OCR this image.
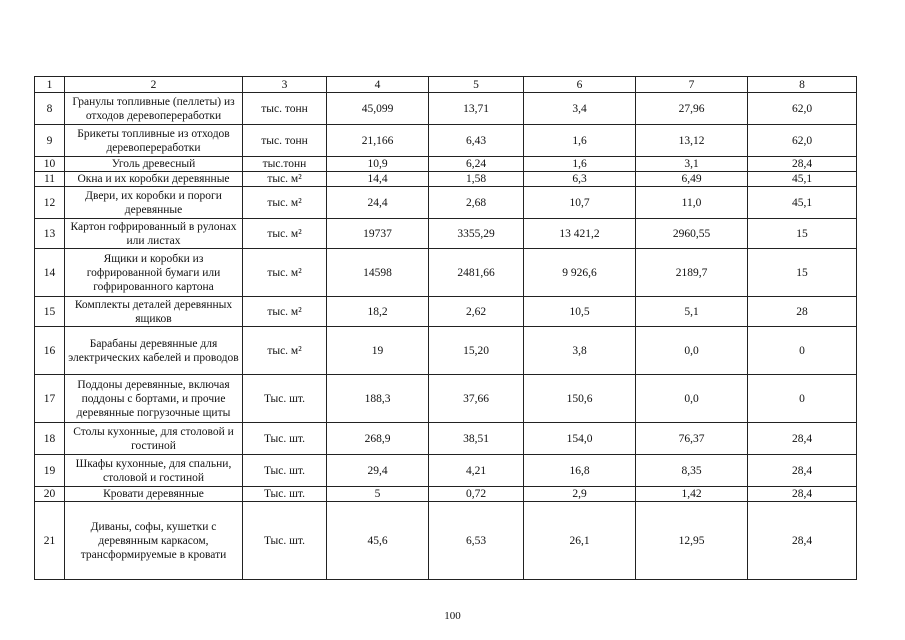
1	2	3	4	5	6	7	8
8	Гранулы топливные (пеллеты) из отходов деревопереработки	тыс. тонн	45,099	13,71	3,4	27,96	62,0
9	Брикеты топливные из отходов деревопереработки	тыс. тонн	21,166	6,43	1,6	13,12	62,0
10	Уголь древесный	тыс.тонн	10,9	6,24	1,6	3,1	28,4
11	Окна и их коробки деревянные	тыс. м²	14,4	1,58	6,3	6,49	45,1
12	Двери, их коробки и пороги деревянные	тыс. м²	24,4	2,68	10,7	11,0	45,1
13	Картон гофрированный в рулонах или листах	тыс. м²	19737	3355,29	13 421,2	2960,55	15
14	Ящики и коробки из гофрированной бумаги или гофрированного картона	тыс. м²	14598	2481,66	9 926,6	2189,7	15
15	Комплекты деталей деревянных ящиков	тыс. м²	18,2	2,62	10,5	5,1	28
16	Барабаны деревянные для электрических кабелей и проводов	тыс. м²	19	15,20	3,8	0,0	0
17	Поддоны деревянные, включая поддоны с бортами, и прочие деревянные погрузочные щиты	Тыс. шт.	188,3	37,66	150,6	0,0	0
18	Столы кухонные, для столовой и гостиной	Тыс. шт.	268,9	38,51	154,0	76,37	28,4
19	Шкафы кухонные, для спальни, столовой и гостиной	Тыс. шт.	29,4	4,21	16,8	8,35	28,4
20	Кровати деревянные	Тыс. шт.	5	0,72	2,9	1,42	28,4
21	Диваны, софы, кушетки с деревянным каркасом, трансформируемые в кровати	Тыс. шт.	45,6	6,53	26,1	12,95	28,4
100
